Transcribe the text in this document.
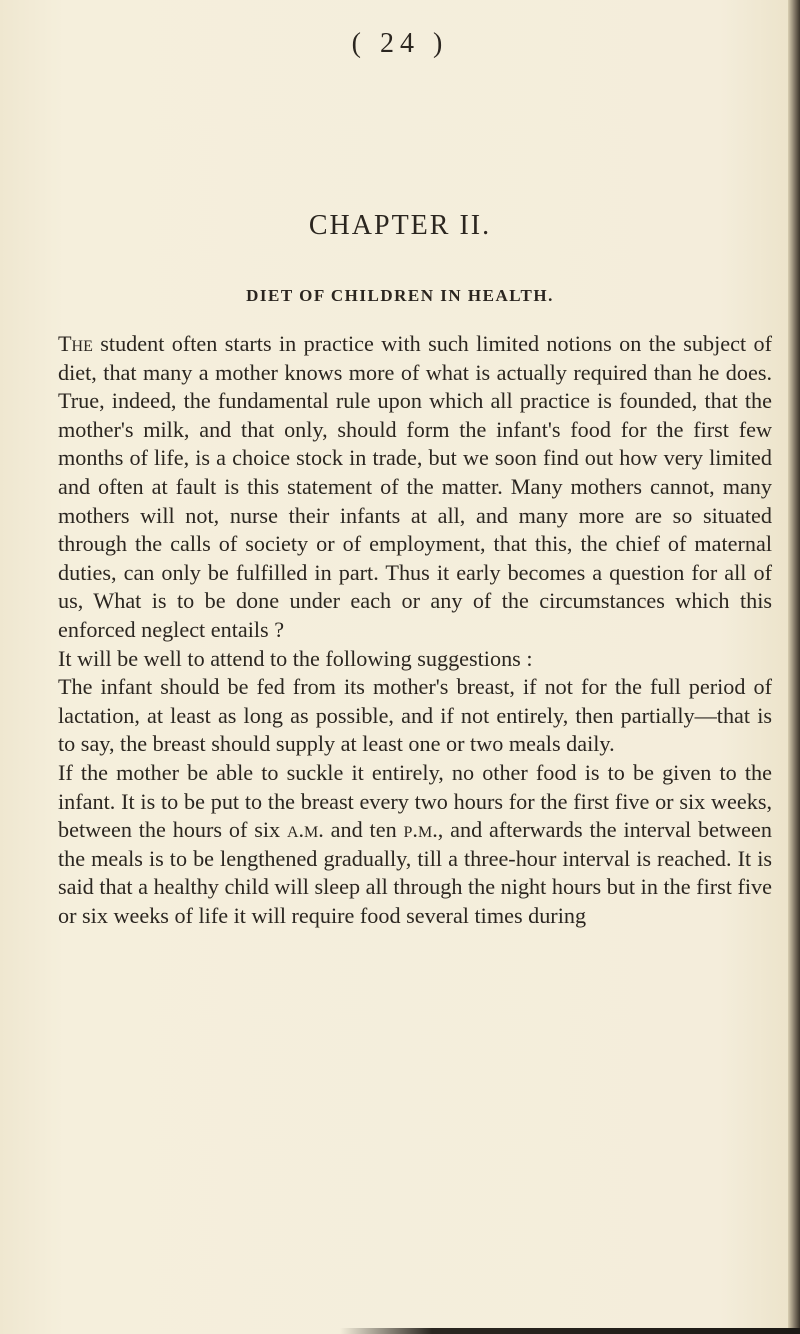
( 24 )
CHAPTER II.
DIET OF CHILDREN IN HEALTH.

The student often starts in practice with such limited notions on the subject of diet, that many a mother knows more of what is actually required than he does. True, indeed, the fundamental rule upon which all practice is founded, that the mother's milk, and that only, should form the infant's food for the first few months of life, is a choice stock in trade, but we soon find out how very limited and often at fault is this statement of the matter. Many mothers cannot, many mothers will not, nurse their infants at all, and many more are so situated through the calls of society or of employment, that this, the chief of maternal duties, can only be fulfilled in part. Thus it early becomes a question for all of us, What is to be done under each or any of the circumstances which this enforced neglect entails ?

It will be well to attend to the following suggestions :

The infant should be fed from its mother's breast, if not for the full period of lactation, at least as long as possible, and if not entirely, then partially—that is to say, the breast should supply at least one or two meals daily.

If the mother be able to suckle it entirely, no other food is to be given to the infant. It is to be put to the breast every two hours for the first five or six weeks, between the hours of six a.m. and ten p.m., and afterwards the interval between the meals is to be lengthened gradually, till a three-hour interval is reached. It is said that a healthy child will sleep all through the night hours but in the first five or six weeks of life it will require food several times during
